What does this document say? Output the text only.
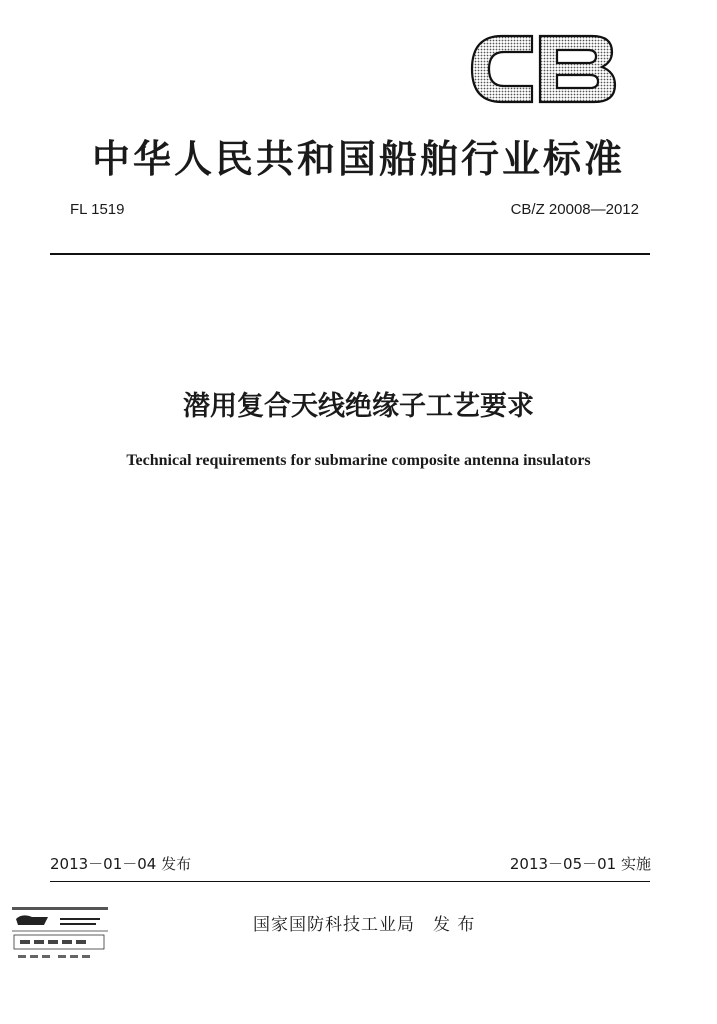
中华人民共和国船舶行业标准
FL 1519	CB/Z 20008—2012
潜用复合天线绝缘子工艺要求
Technical requirements for submarine composite antenna insulators
2013－01－04 发布	2013－05－01 实施
国家国防科技工业局　发 布
